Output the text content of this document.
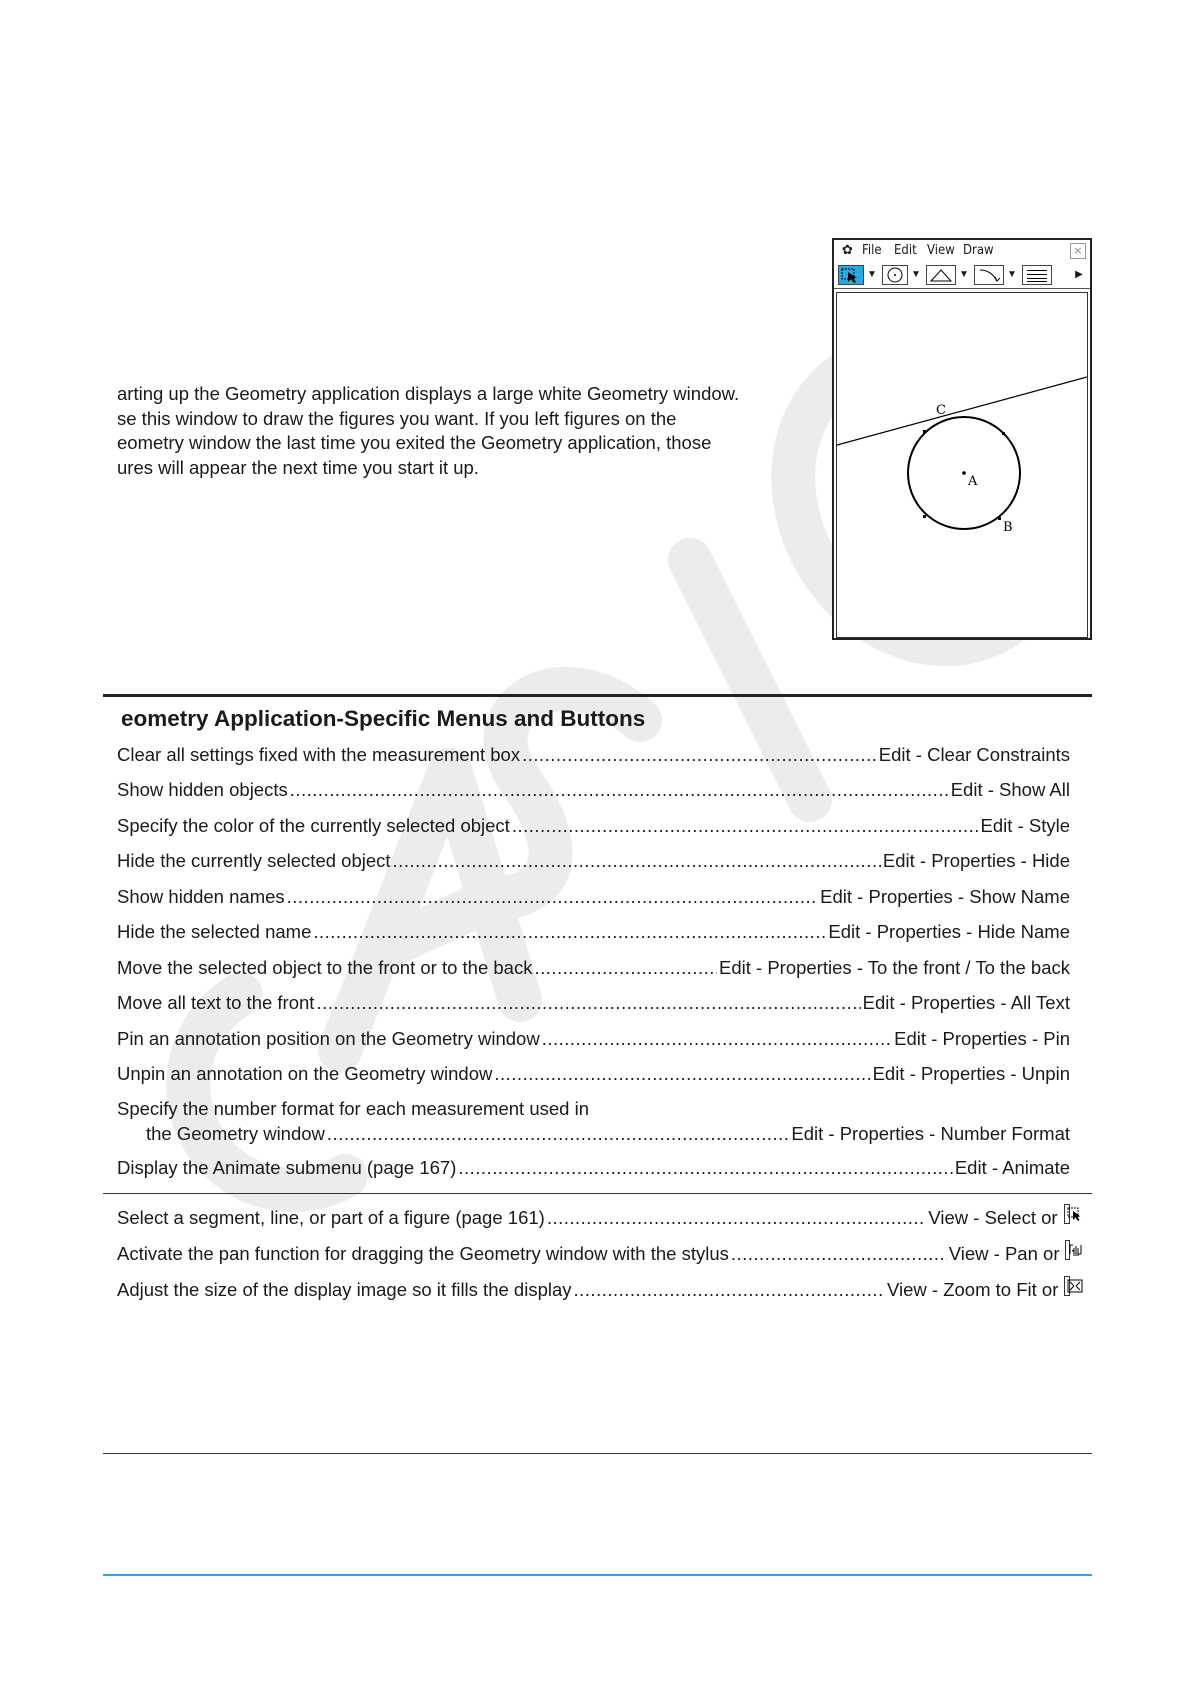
arting up the Geometry application displays a large white Geometry window.
se this window to draw the figures you want. If you left figures on the
eometry window the last time you exited the Geometry application, those
ures will appear the next time you start it up.
✿ File Edit View Draw	×
▼	▼	▼	▼	▶
C
A
B
eometry Application-Specific Menus and Buttons
Clear all settings fixed with the measurement box .....	Edit - Clear Constraints
Show hidden objects .....	Edit - Show All
Specify the color of the currently selected object .....	Edit - Style
Hide the currently selected object .....	Edit - Properties - Hide
Show hidden names .....	Edit - Properties - Show Name
Hide the selected name .....	Edit - Properties - Hide Name
Move the selected object to the front or to the back .....	Edit - Properties - To the front / To the back
Move all text to the front .....	Edit - Properties - All Text
Pin an annotation position on the Geometry window .....	Edit - Properties - Pin
Unpin an annotation on the Geometry window .....	Edit - Properties - Unpin
Specify the number format for each measurement used in
the Geometry window .....	Edit - Properties - Number Format
Display the Animate submenu (page 167) .....	Edit - Animate
Select a segment, line, or part of a figure (page 161) .....	View - Select or
Activate the pan function for dragging the Geometry window with the stylus .....	View - Pan or
Adjust the size of the display image so it fills the display .....	View - Zoom to Fit or
